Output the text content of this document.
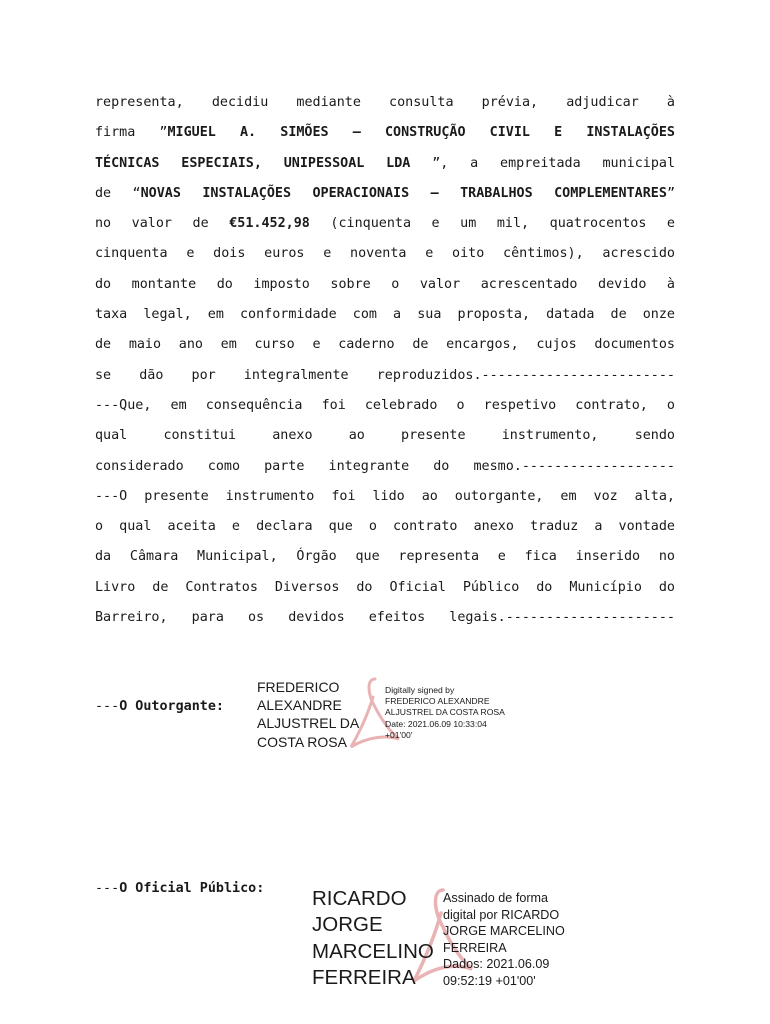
representa, decidiu mediante consulta prévia, adjudicar à
firma ”MIGUEL A. SIMÕES – CONSTRUÇÃO CIVIL E INSTALAÇÕES
TÉCNICAS ESPECIAIS, UNIPESSOAL LDA ”, a empreitada municipal
de “NOVAS INSTALAÇÕES OPERACIONAIS – TRABALHOS COMPLEMENTARES”
no valor de €51.452,98 (cinquenta e um mil, quatrocentos e
cinquenta e dois euros e noventa e oito cêntimos), acrescido
do montante do imposto sobre o valor acrescentado devido à
taxa legal, em conformidade com a sua proposta, datada de onze
de maio ano em curso e caderno de encargos, cujos documentos
se dão por integralmente reproduzidos.------------------------
---Que, em consequência foi celebrado o respetivo contrato, o
qual constitui anexo ao presente instrumento, sendo
considerado como parte integrante do mesmo.-------------------
---O presente instrumento foi lido ao outorgante, em voz alta,
o qual aceita e declara que o contrato anexo traduz a vontade
da Câmara Municipal, Órgão que representa e fica inserido no
Livro de Contratos Diversos do Oficial Público do Município do
Barreiro, para os devidos efeitos legais.---------------------
---O Outorgante:
FREDERICO
ALEXANDRE
ALJUSTREL DA
COSTA ROSA
Digitally signed by
FREDERICO ALEXANDRE
ALJUSTREL DA COSTA ROSA
Date: 2021.06.09 10:33:04
+01'00'
---O Oficial Público: RICARDO
JORGE
MARCELINO
FERREIRA
Assinado de forma
digital por RICARDO
JORGE MARCELINO
FERREIRA
Dados: 2021.06.09
09:52:19 +01'00'
